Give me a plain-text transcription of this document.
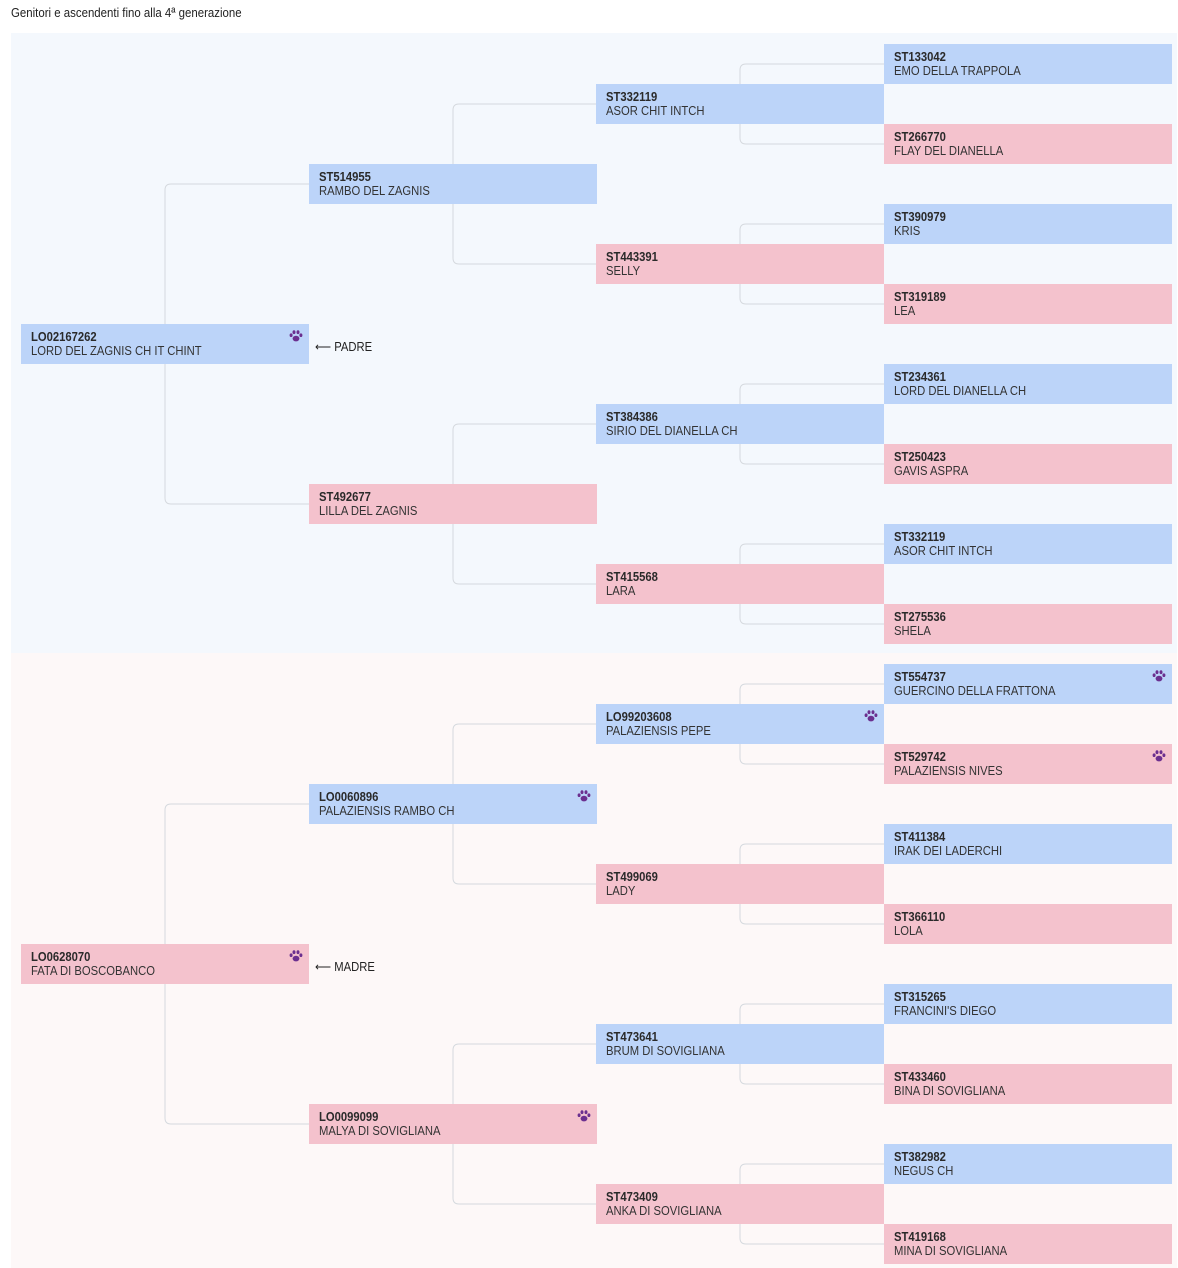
Genitori e ascendenti fino alla 4ª generazione
LO02167262
LORD DEL ZAGNIS CH IT CHINT	⟵ PADRE
LO0628070
FATA DI BOSCOBANCO	⟵ MADRE
ST514955
RAMBO DEL ZAGNIS
ST492677
LILLA DEL ZAGNIS
LO0060896
PALAZIENSIS RAMBO CH
LO0099099
MALYA DI SOVIGLIANA
ST332119
ASOR CHIT INTCH
ST443391
SELLY
ST384386
SIRIO DEL DIANELLA CH
ST415568
LARA
LO99203608
PALAZIENSIS PEPE
ST499069
LADY
ST473641
BRUM DI SOVIGLIANA
ST473409
ANKA DI SOVIGLIANA
ST133042
EMO DELLA TRAPPOLA
ST266770
FLAY DEL DIANELLA
ST390979
KRIS
ST319189
LEA
ST234361
LORD DEL DIANELLA CH
ST250423
GAVIS ASPRA
ST332119
ASOR CHIT INTCH
ST275536
SHELA
ST554737
GUERCINO DELLA FRATTONA
ST529742
PALAZIENSIS NIVES
ST411384
IRAK DEI LADERCHI
ST366110
LOLA
ST315265
FRANCINI'S DIEGO
ST433460
BINA DI SOVIGLIANA
ST382982
NEGUS CH
ST419168
MINA DI SOVIGLIANA
